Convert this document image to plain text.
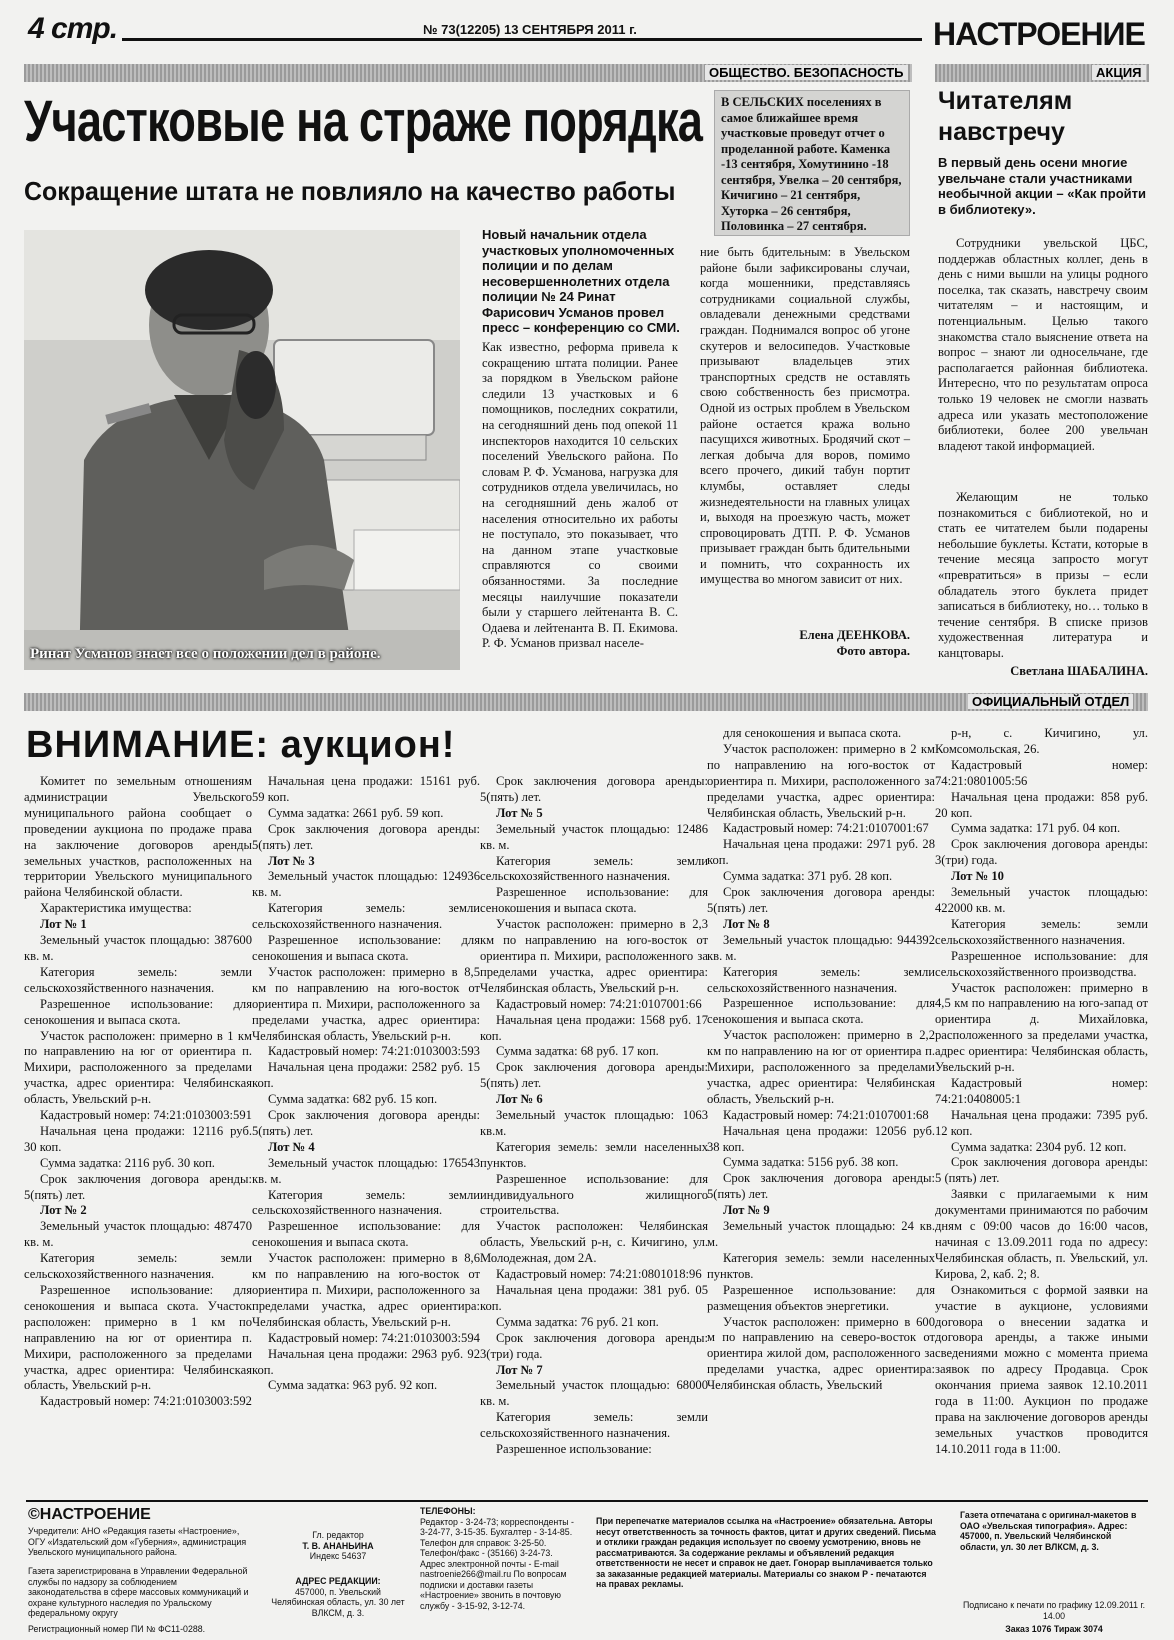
4 стр.	№ 73(12205) 13 СЕНТЯБРЯ 2011 г.	НАСТРОЕНИЕ
ОБЩЕСТВО. БЕЗОПАСНОСТЬ	АКЦИЯ
Участковые на страже порядка
Сокращение штата не повлияло на качество работы
Ринат Усманов знает все о положении дел в районе.
Новый начальник отдела участковых уполномоченных полиции и по делам несовершеннолетних отдела полиции № 24 Ринат Фарисович Усманов провел пресс – конференцию со СМИ.
Как известно, реформа привела к сокращению штата полиции. Ранее за порядком в Увельском районе следили 13 участковых и 6 помощников, последних сократили, на сегодняшний день под опекой 11 инспекторов находится 10 сельских поселений Увельского района. По словам Р. Ф. Усманова, нагрузка для сотрудников отдела увеличилась, но на сегодняшний день жалоб от населения относительно их работы не поступало, это показывает, что на данном этапе участковые справляются со своими обязанностями. За последние месяцы наилучшие показатели были у старшего лейтенанта В. С. Одаева и лейтенанта В. П. Екимова. Р. Ф. Усманов призвал населе-
В СЕЛЬСКИХ поселениях в самое ближайшее время участковые проведут отчет о проделанной работе. Каменка -13 сентября, Хомутинино -18 сентября, Увелка – 20 сентября, Кичигино – 21 сентября, Хуторка – 26 сентября, Половинка – 27 сентября.
ние быть бдительным: в Увельском районе были зафиксированы случаи, когда мошенники, представляясь сотрудниками социальной службы, овладевали денежными средствами граждан. Поднимался вопрос об угоне скутеров и велосипедов. Участковые призывают владельцев этих транспортных средств не оставлять свою собственность без присмотра. Одной из острых проблем в Увельском районе остается кража вольно пасущихся животных. Бродячий скот – легкая добыча для воров, помимо всего прочего, дикий табун портит клумбы, оставляет следы жизнедеятельности на главных улицах и, выходя на проезжую часть, может спровоцировать ДТП. Р. Ф. Усманов призывает граждан быть бдительными и помнить, что сохранность их имущества во многом зависит от них.
Елена ДЕЕНКОВА.
Фото автора.
Читателям
навстречу
В первый день осени многие увельчане стали участниками необычной акции – «Как пройти в библиотеку».
Сотрудники увельской ЦБС, поддержав областных коллег, день в день с ними вышли на улицы родного поселка, так сказать, навстречу своим читателям – и настоящим, и потенциальным. Целью такого знакомства стало выяснение ответа на вопрос – знают ли односельчане, где располагается районная библиотека. Интересно, что по результатам опроса только 19 человек не смогли назвать адреса или указать местоположение библиотеки, более 200 увельчан владеют такой информацией.
Желающим не только познакомиться с библиотекой, но и стать ее читателем были подарены небольшие буклеты. Кстати, которые в течение месяца запросто могут «превратиться» в призы – если обладатель этого буклета придет записаться в библиотеку, но… только в течение сентября. В списке призов художественная литература и канцтовары.
Светлана ШАБАЛИНА.
ОФИЦИАЛЬНЫЙ ОТДЕЛ
ВНИМАНИЕ: аукцион!
Комитет по земельным отношениям администрации Увельского муниципального района сообщает о проведении аукциона по продаже права на заключение договоров аренды земельных участков, расположенных на территории Увельского муниципального района Челябинской области.
Характеристика имущества:
Лот № 1
Земельный участок площадью: 387600 кв. м.
Категория земель: земли сельскохозяйственного назначения.
Разрешенное использование: для сенокошения и выпаса скота.
Участок расположен: примерно в 1 км по направлению на юг от ориентира п. Михири, расположенного за пределами участка, адрес ориентира: Челябинская область, Увельский р-н.
Кадастровый номер: 74:21:0103003:591
Начальная цена продажи: 12116 руб. 30 коп.
Сумма задатка: 2116 руб. 30 коп.
Срок заключения договора аренды: 5(пять) лет.
Лот № 2
Земельный участок площадью: 487470 кв. м.
Категория земель: земли сельскохозяйственного назначения.
Разрешенное использование: для сенокошения и выпаса скота. Участок расположен: примерно в 1 км по направлению на юг от ориентира п. Михири, расположенного за пределами участка, адрес ориентира: Челябинская область, Увельский р-н.
Кадастровый номер: 74:21:0103003:592
Начальная цена продажи: 15161 руб. 59 коп.
Сумма задатка: 2661 руб. 59 коп.
Срок заключения договора аренды: 5(пять) лет.
Лот № 3
Земельный участок площадью: 124936 кв. м.
Категория земель: земли сельскохозяйственного назначения.
Разрешенное использование: для сенокошения и выпаса скота.
Участок расположен: примерно в 8,5 км по направлению на юго-восток от ориентира п. Михири, расположенного за пределами участка, адрес ориентира: Челябинская область, Увельский р-н.
Кадастровый номер: 74:21:0103003:593
Начальная цена продажи: 2582 руб. 15 коп.
Сумма задатка: 682 руб. 15 коп.
Срок заключения договора аренды: 5(пять) лет.
Лот № 4
Земельный участок площадью: 176543 кв. м.
Категория земель: земли сельскохозяйственного назначения.
Разрешенное использование: для сенокошения и выпаса скота.
Участок расположен: примерно в 8,6 км по направлению на юго-восток от ориентира п. Михири, расположенного за пределами участка, адрес ориентира: Челябинская область, Увельский р-н.
Кадастровый номер: 74:21:0103003:594
Начальная цена продажи: 2963 руб. 92 коп.
Сумма задатка: 963 руб. 92 коп.
Срок заключения договора аренды: 5(пять) лет.
Лот № 5
Земельный участок площадью: 12486 кв. м.
Категория земель: земли сельскохозяйственного назначения.
Разрешенное использование: для сенокошения и выпаса скота.
Участок расположен: примерно в 2,3 км по направлению на юго-восток от ориентира п. Михири, расположенного за пределами участка, адрес ориентира: Челябинская область, Увельский р-н.
Кадастровый номер: 74:21:0107001:66
Начальная цена продажи: 1568 руб. 17 коп.
Сумма задатка: 68 руб. 17 коп.
Срок заключения договора аренды: 5(пять) лет.
Лот № 6
Земельный участок площадью: 1063 кв.м.
Категория земель: земли населенных пунктов.
Разрешенное использование: для индивидуального жилищного строительства.
Участок расположен: Челябинская область, Увельский р-н, с. Кичигино, ул. Молодежная, дом 2А.
Кадастровый номер: 74:21:0801018:96
Начальная цена продажи: 381 руб. 05 коп.
Сумма задатка: 76 руб. 21 коп.
Срок заключения договора аренды: 3(три) года.
Лот № 7
Земельный участок площадью: 68000 кв. м.
Категория земель: земли сельскохозяйственного назначения.
Разрешенное использование:
для сенокошения и выпаса скота.
Участок расположен: примерно в 2 км по направлению на юго-восток от ориентира п. Михири, расположенного за пределами участка, адрес ориентира: Челябинская область, Увельский р-н.
Кадастровый номер: 74:21:0107001:67
Начальная цена продажи: 2971 руб. 28 коп.
Сумма задатка: 371 руб. 28 коп.
Срок заключения договора аренды: 5(пять) лет.
Лот № 8
Земельный участок площадью: 944392 кв. м.
Категория земель: земли сельскохозяйственного назначения.
Разрешенное использование: для сенокошения и выпаса скота.
Участок расположен: примерно в 2,2 км по направлению на юг от ориентира п. Михири, расположенного за пределами участка, адрес ориентира: Челябинская область, Увельский р-н.
Кадастровый номер: 74:21:0107001:68
Начальная цена продажи: 12056 руб. 38 коп.
Сумма задатка: 5156 руб. 38 коп.
Срок заключения договора аренды: 5(пять) лет.
Лот № 9
Земельный участок площадью: 24 кв. м.
Категория земель: земли населенных пунктов.
Разрешенное использование: для размещения объектов энергетики.
Участок расположен: примерно в 600 м по направлению на северо-восток от ориентира жилой дом, расположенного за пределами участка, адрес ориентира: Челябинская область, Увельский
р-н, с. Кичигино, ул. Комсомольская, 26.
Кадастровый номер: 74:21:0801005:56
Начальная цена продажи: 858 руб. 20 коп.
Сумма задатка: 171 руб. 04 коп.
Срок заключения договора аренды: 3(три) года.
Лот № 10
Земельный участок площадью: 422000 кв. м.
Категория земель: земли сельскохозяйственного назначения.
Разрешенное использование: для сельскохозяйственного производства.
Участок расположен: примерно в 4,5 км по направлению на юго-запад от ориентира д. Михайловка, расположенного за пределами участка, адрес ориентира: Челябинская область, Увельский р-н.
Кадастровый номер: 74:21:0408005:1
Начальная цена продажи: 7395 руб. 12 коп.
Сумма задатка: 2304 руб. 12 коп.
Срок заключения договора аренды: 5 (пять) лет.
Заявки с прилагаемыми к ним документами принимаются по рабочим дням с 09:00 часов до 16:00 часов, начиная с 13.09.2011 года по адресу: Челябинская область, п. Увельский, ул. Кирова, 2, каб. 2; 8.
Ознакомиться с формой заявки на участие в аукционе, условиями договора о внесении задатка и договора аренды, а также иными сведениями можно с момента приема заявок по адресу Продавца. Срок окончания приема заявок 12.10.2011 года в 11:00. Аукцион по продаже права на заключение договоров аренды земельных участков проводится 14.10.2011 года в 11:00.
©НАСТРОЕНИЕ
Учредители: АНО «Редакция газеты «Настроение», ОГУ «Издательский дом «Губерния», администрация Увельского муниципального района.
Газета зарегистрирована в Управлении Федеральной службы по надзору за соблюдением законодательства в сфере массовых коммуникаций и охране культурного наследия по Уральскому федеральному округу
Регистрационный номер ПИ № ФС11-0288.
Гл. редактор
Т. В. АНАНЬИНА
Индекс 54637
АДРЕС РЕДАКЦИИ:
457000, п. Увельский Челябинская область, ул. 30 лет ВЛКСМ, д. 3.
ТЕЛЕФОНЫ:
Редактор - 3-24-73; корреспонденты - 3-24-77, 3-15-35. Бухгалтер - 3-14-85. Телефон для справок: 3-25-50. Телефон/факс - (35166) 3-24-73. Адрес электронной почты - E-mail nastroenie266@mail.ru По вопросам подписки и доставки газеты «Настроение» звонить в почтовую службу - 3-15-92, 3-12-74.
При перепечатке материалов ссылка на «Настроение» обязательна. Авторы несут ответственность за точность фактов, цитат и других сведений. Письма и отклики граждан редакция использует по своему усмотрению, вновь не рассматриваются. За содержание рекламы и объявлений редакция ответственности не несет и справок не дает. Гонорар выплачивается только за заказанные редакцией материалы. Материалы со знаком Р - печатаются на правах рекламы.
Газета отпечатана с оригинал-макетов в ОАО «Увельская типография». Адрес: 457000, п. Увельский Челябинской области, ул. 30 лет ВЛКСМ, д. 3.
Подписано к печати по графику 12.09.2011 г. 14.00
Заказ 1076 Тираж 3074
